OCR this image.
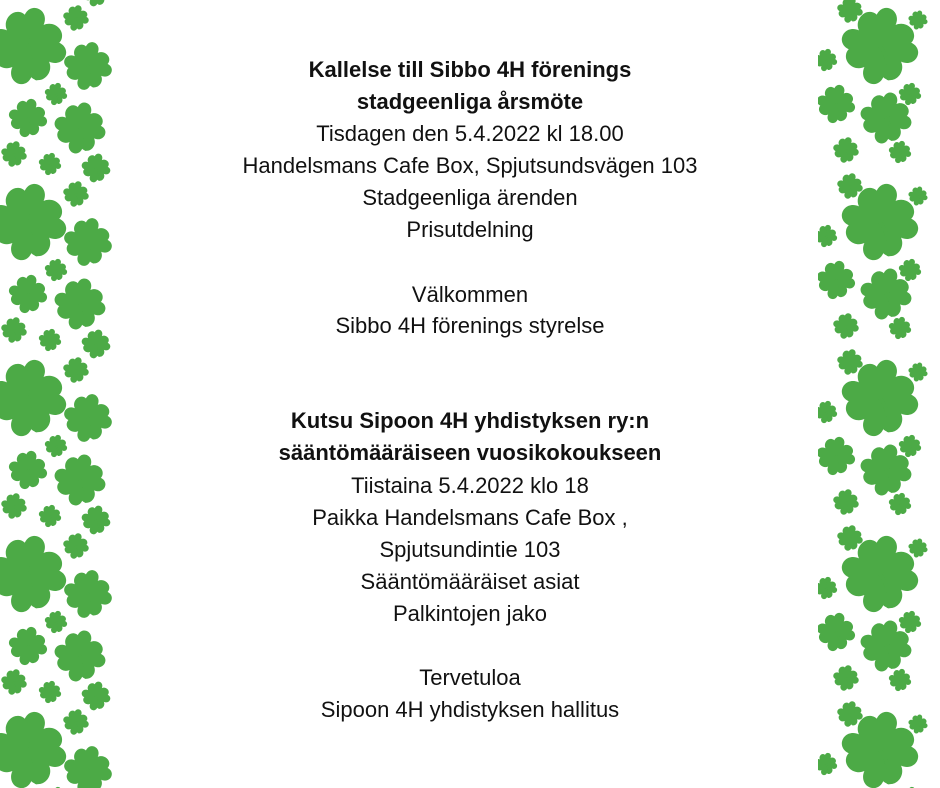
Kallelse till Sibbo 4H förenings
stadgeenliga årsmöte
Tisdagen den 5.4.2022 kl 18.00
Handelsmans Cafe Box, Spjutsundsvägen 103
Stadgeenliga ärenden
Prisutdelning
Välkommen
Sibbo 4H förenings styrelse
Kutsu Sipoon 4H yhdistyksen ry:n
sääntömääräiseen vuosikokoukseen
Tiistaina 5.4.2022 klo 18
Paikka Handelsmans Cafe Box ,
Spjutsundintie 103
Sääntömääräiset asiat
Palkintojen jako
Tervetuloa
Sipoon 4H yhdistyksen hallitus
